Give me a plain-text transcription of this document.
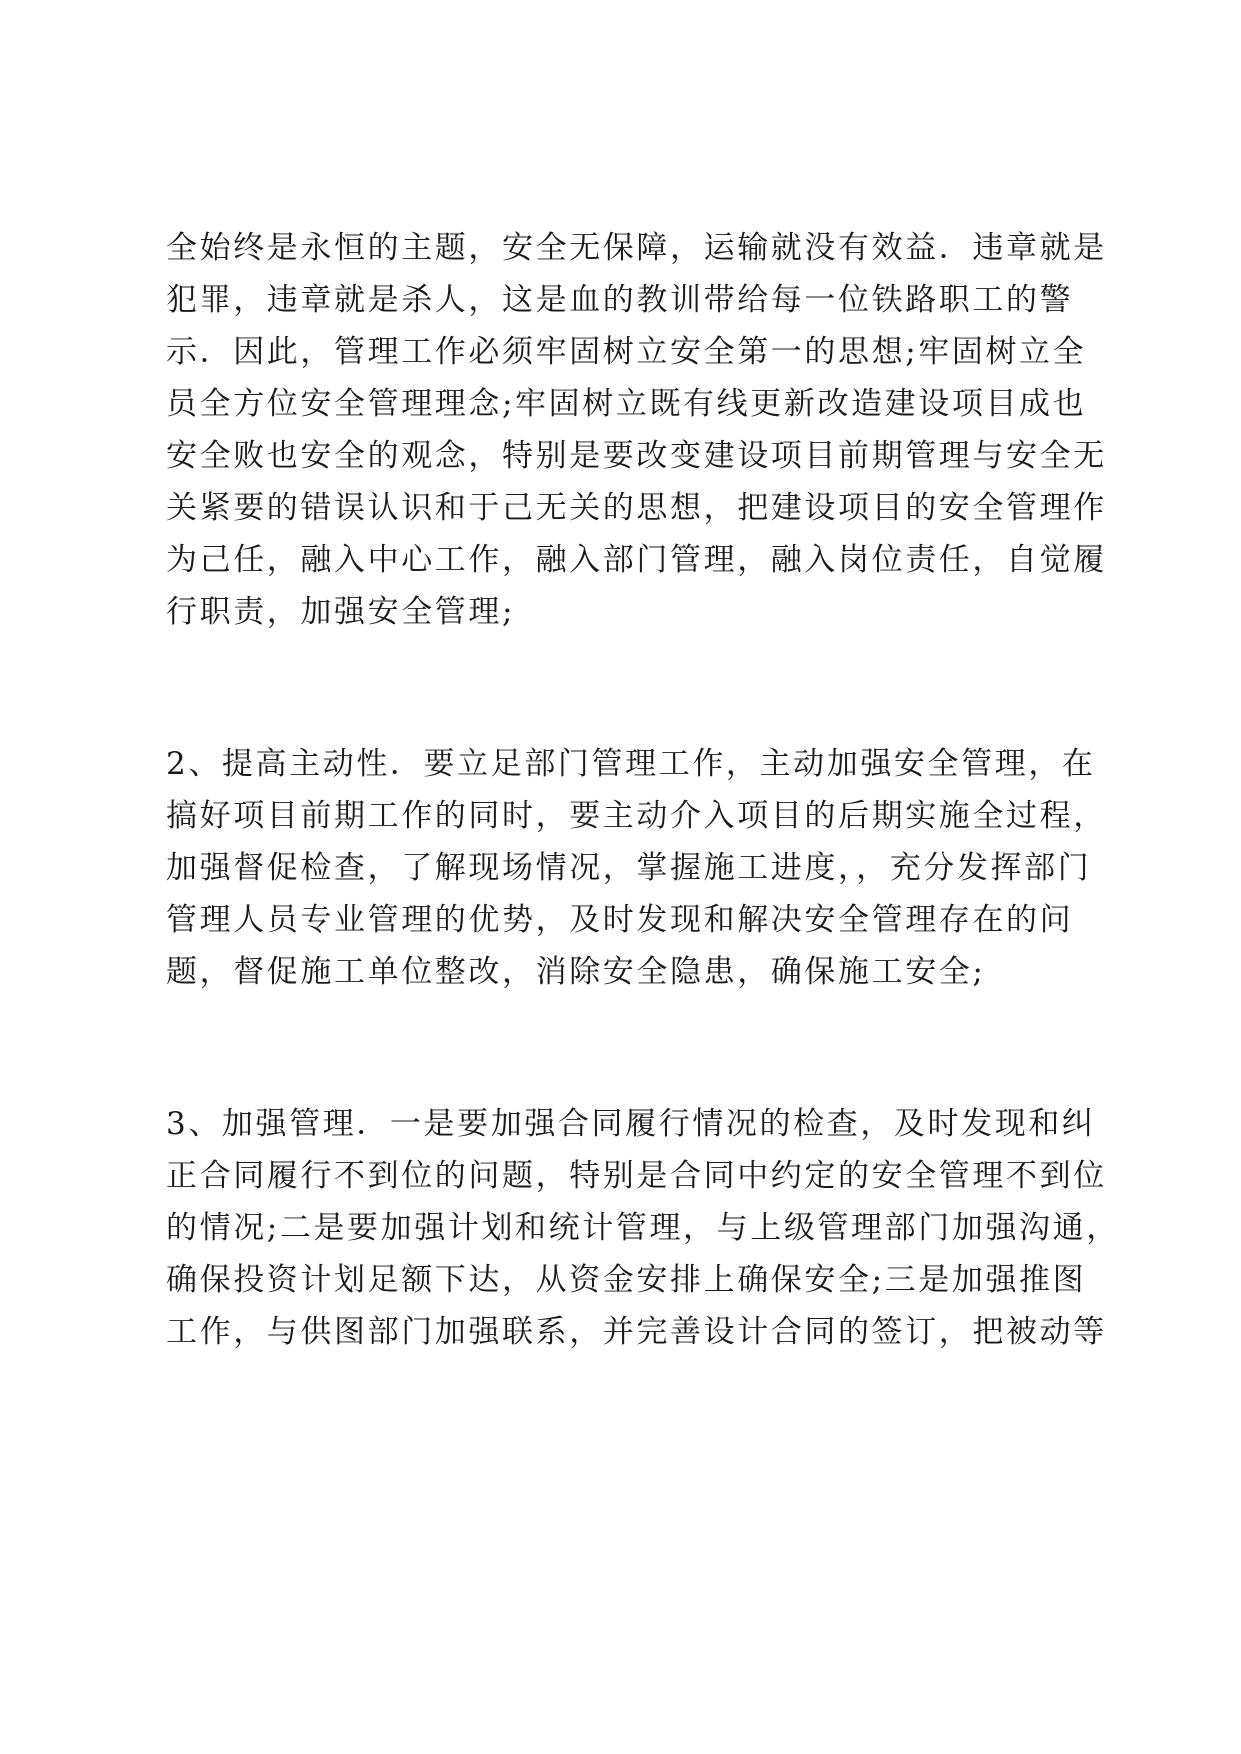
全始终是永恒的主题，安全无保障，运输就没有效益．违章就是
犯罪，违章就是杀人，这是血的教训带给每一位铁路职工的警
示．因此，管理工作必须牢固树立安全第一的思想;牢固树立全
员全方位安全管理理念;牢固树立既有线更新改造建设项目成也
安全败也安全的观念，特别是要改变建设项目前期管理与安全无
关紧要的错误认识和于己无关的思想，把建设项目的安全管理作
为己任，融入中心工作，融入部门管理，融入岗位责任，自觉履
行职责，加强安全管理;
2、提高主动性．要立足部门管理工作，主动加强安全管理，在
搞好项目前期工作的同时，要主动介入项目的后期实施全过程，
加强督促检查，了解现场情况，掌握施工进度，，充分发挥部门
管理人员专业管理的优势，及时发现和解决安全管理存在的问
题，督促施工单位整改，消除安全隐患，确保施工安全;
3、加强管理．一是要加强合同履行情况的检查，及时发现和纠
正合同履行不到位的问题，特别是合同中约定的安全管理不到位
的情况;二是要加强计划和统计管理，与上级管理部门加强沟通，
确保投资计划足额下达，从资金安排上确保安全;三是加强推图
工作，与供图部门加强联系，并完善设计合同的签订，把被动等
